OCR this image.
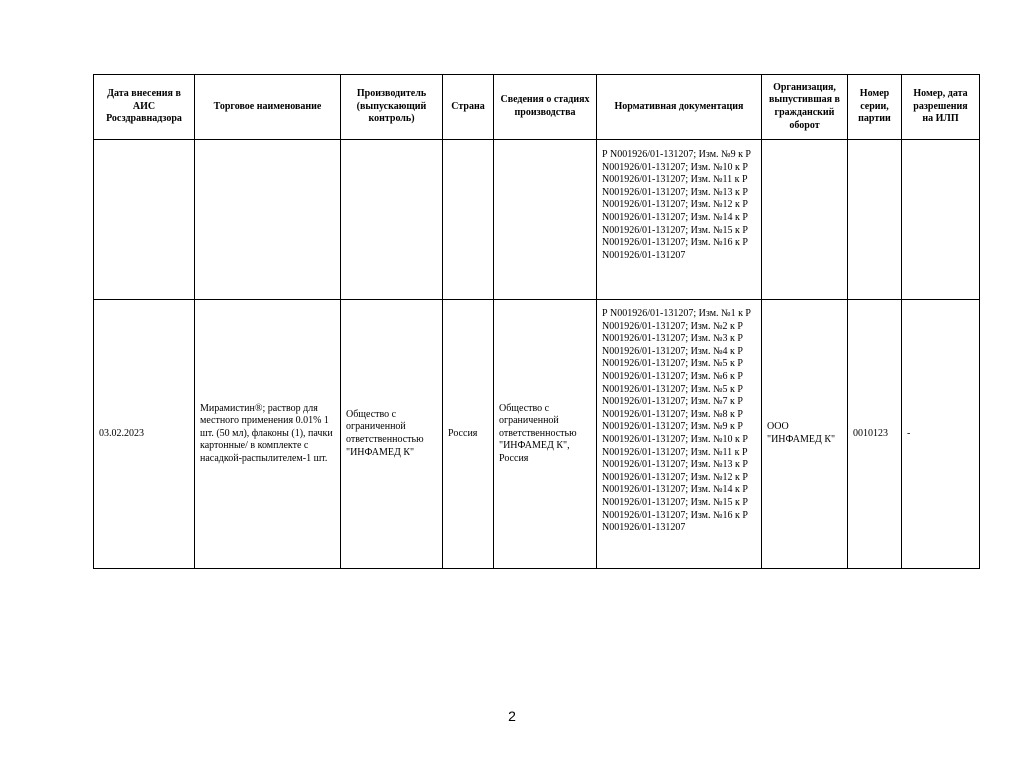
Дата внесения в АИС Росздравнадзора	Торговое наименование	Производитель (выпускающий контроль)	Страна	Сведения о стадиях производства	Нормативная документация	Организация, выпустившая в гражданский оборот	Номер серии, партии	Номер, дата разрешения на ИЛП
					Р N001926/01-131207; Изм. №9 к Р N001926/01-131207; Изм. №10 к Р N001926/01-131207; Изм. №11 к Р N001926/01-131207; Изм. №13 к Р N001926/01-131207; Изм. №12 к Р N001926/01-131207; Изм. №14 к Р N001926/01-131207; Изм. №15 к Р N001926/01-131207; Изм. №16 к Р N001926/01-131207			
03.02.2023	Мирамистин®; раствор для местного применения 0.01% 1 шт. (50 мл), флаконы (1), пачки картонные/ в комплекте с насадкой-распылителем-1 шт.	Общество с ограниченной ответственностью "ИНФАМЕД К"	Россия	Общество с ограниченной ответственностью "ИНФАМЕД К", Россия	Р N001926/01-131207; Изм. №1 к Р N001926/01-131207; Изм. №2 к Р N001926/01-131207; Изм. №3 к Р N001926/01-131207; Изм. №4 к Р N001926/01-131207; Изм. №5 к Р N001926/01-131207; Изм. №6 к Р N001926/01-131207; Изм. №5 к Р N001926/01-131207; Изм. №7 к Р N001926/01-131207; Изм. №8 к Р N001926/01-131207; Изм. №9 к Р N001926/01-131207; Изм. №10 к Р N001926/01-131207; Изм. №11 к Р N001926/01-131207; Изм. №13 к Р N001926/01-131207; Изм. №12 к Р N001926/01-131207; Изм. №14 к Р N001926/01-131207; Изм. №15 к Р N001926/01-131207; Изм. №16 к Р N001926/01-131207	ООО "ИНФАМЕД К"	0010123	-
2
